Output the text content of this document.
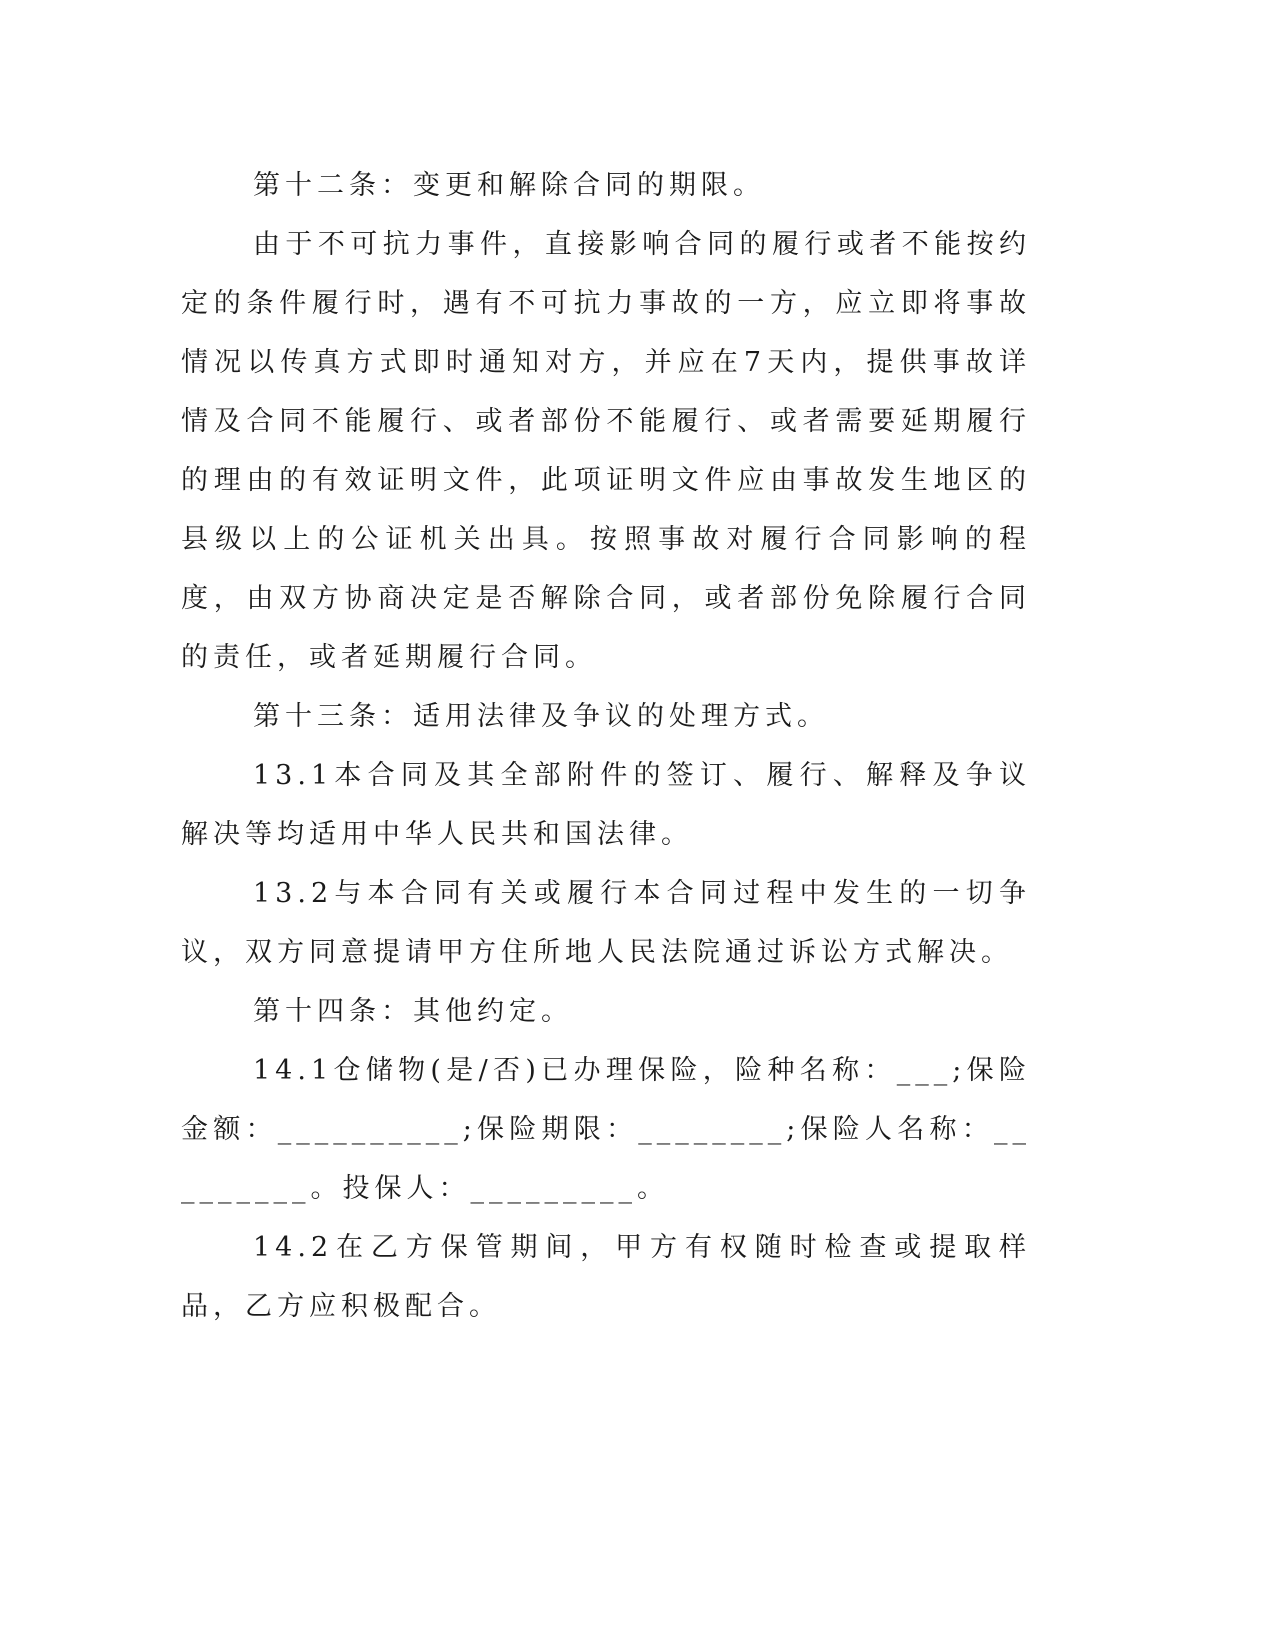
第十二条：变更和解除合同的期限。

由于不可抗力事件，直接影响合同的履行或者不能按约定的条件履行时，遇有不可抗力事故的一方，应立即将事故情况以传真方式即时通知对方，并应在7天内，提供事故详情及合同不能履行、或者部份不能履行、或者需要延期履行的理由的有效证明文件，此项证明文件应由事故发生地区的县级以上的公证机关出具。按照事故对履行合同影响的程度，由双方协商决定是否解除合同，或者部份免除履行合同的责任，或者延期履行合同。

第十三条：适用法律及争议的处理方式。

13.1本合同及其全部附件的签订、履行、解释及争议解决等均适用中华人民共和国法律。

13.2与本合同有关或履行本合同过程中发生的一切争议，双方同意提请甲方住所地人民法院通过诉讼方式解决。

第十四条：其他约定。

14.1仓储物(是/否)已办理保险，险种名称：___;保险金额：__________;保险期限：________;保险人名称：_________。投保人：_________。

14.2在乙方保管期间，甲方有权随时检查或提取样品，乙方应积极配合。
